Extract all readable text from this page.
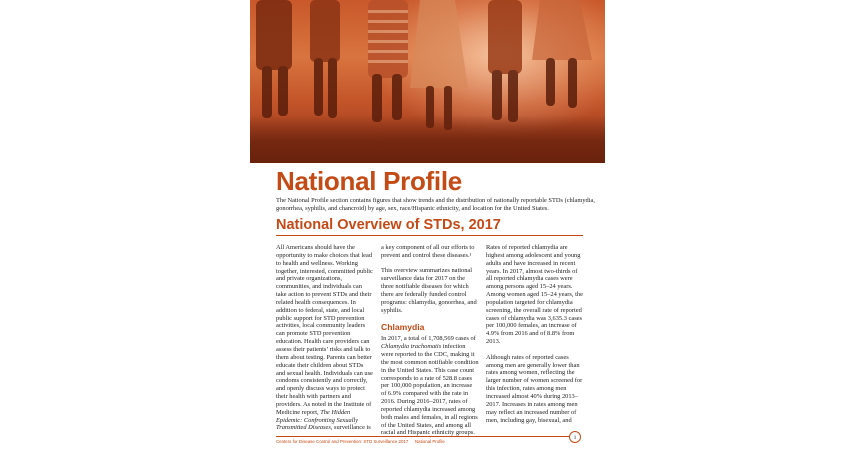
National Profile
The National Profile section contains figures that show trends and the distribution of nationally reportable STDs (chlamydia, gonorrhea, syphilis, and chancroid) by age, sex, race/Hispanic ethnicity, and location for the United States.
National Overview of STDs, 2017

All Americans should have the opportunity to make choices that lead to health and wellness. Working together, interested, committed public and private organizations, communities, and individuals can take action to prevent STDs and their related health consequences. In addition to federal, state, and local public support for STD prevention activities, local community leaders can promote STD prevention education. Health care providers can assess their patients’ risks and talk to them about testing. Parents can better educate their children about STDs and sexual health. Individuals can use condoms consistently and correctly, and openly discuss ways to protect their health with partners and providers. As noted in the Institute of Medicine report, The Hidden Epidemic: Confronting Sexually Transmitted Diseases, surveillance is

a key component of all our efforts to prevent and control these diseases.¹

This overview summarizes national surveillance data for 2017 on the three notifiable diseases for which there are federally funded control programs: chlamydia, gonorrhea, and syphilis.

Chlamydia

In 2017, a total of 1,708,569 cases of Chlamydia trachomatis infection were reported to the CDC, making it the most common notifiable condition in the United States. This case count corresponds to a rate of 528.8 cases per 100,000 population, an increase of 6.9% compared with the rate in 2016. During 2016–2017, rates of reported chlamydia increased among both males and females, in all regions of the United States, and among all racial and Hispanic ethnicity groups.

Rates of reported chlamydia are highest among adolescent and young adults and have increased in recent years. In 2017, almost two-thirds of all reported chlamydia cases were among persons aged 15–24 years. Among women aged 15–24 years, the population targeted for chlamydia screening, the overall rate of reported cases of chlamydia was 3,635.3 cases per 100,000 females, an increase of 4.9% from 2016 and of 8.8% from 2013.

Although rates of reported cases among men are generally lower than rates among women, reflecting the larger number of women screened for this infection, rates among men increased almost 40% during 2013–2017. Increases in rates among men may reflect an increased number of men, including gay, bisexual, and

Centers for Disease Control and Prevention: STD Surveillance 2017 National Profile
1
